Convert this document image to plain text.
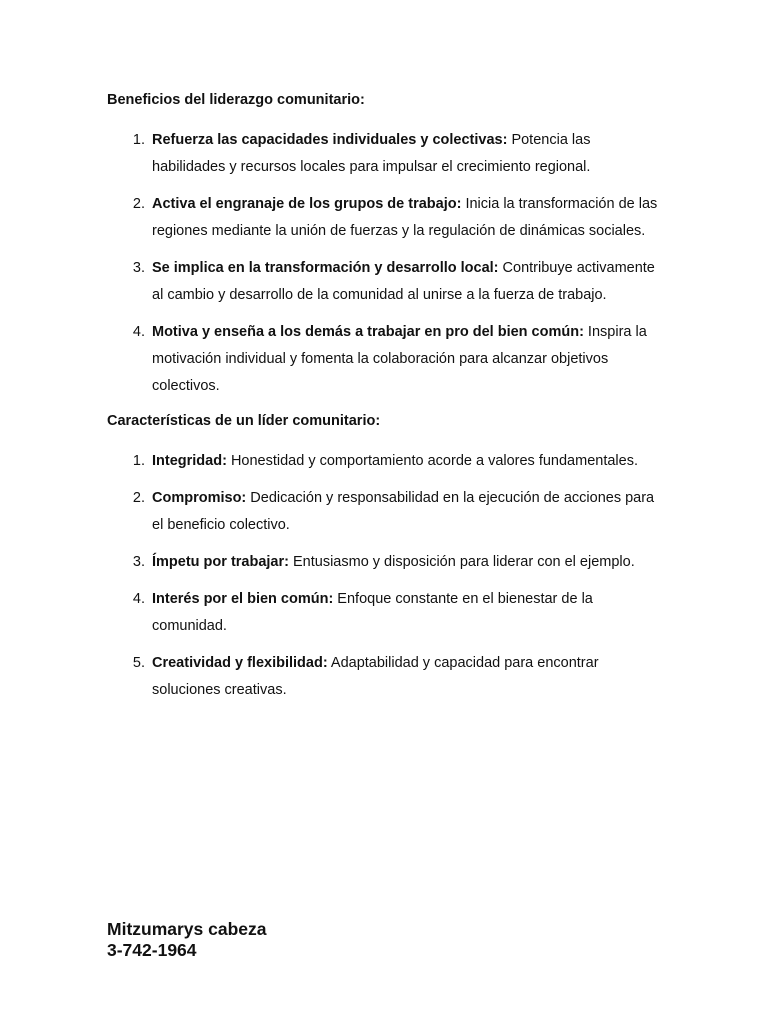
Beneficios del liderazgo comunitario:

1. Refuerza las capacidades individuales y colectivas: Potencia las habilidades y recursos locales para impulsar el crecimiento regional.
2. Activa el engranaje de los grupos de trabajo: Inicia la transformación de las regiones mediante la unión de fuerzas y la regulación de dinámicas sociales.
3. Se implica en la transformación y desarrollo local: Contribuye activamente al cambio y desarrollo de la comunidad al unirse a la fuerza de trabajo.
4. Motiva y enseña a los demás a trabajar en pro del bien común: Inspira la motivación individual y fomenta la colaboración para alcanzar objetivos colectivos.

Características de un líder comunitario:

1. Integridad: Honestidad y comportamiento acorde a valores fundamentales.
2. Compromiso: Dedicación y responsabilidad en la ejecución de acciones para el beneficio colectivo.
3. Ímpetu por trabajar: Entusiasmo y disposición para liderar con el ejemplo.
4. Interés por el bien común: Enfoque constante en el bienestar de la comunidad.
5. Creatividad y flexibilidad: Adaptabilidad y capacidad para encontrar soluciones creativas.
Mitzumarys cabeza
3-742-1964
